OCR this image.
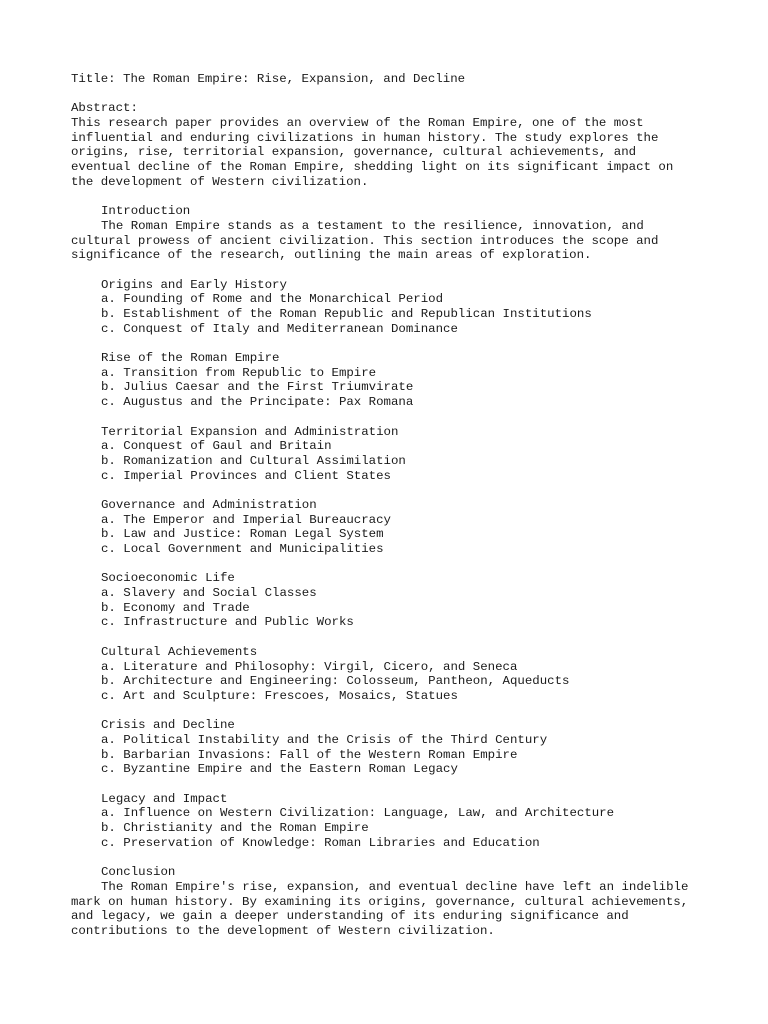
Title: The Roman Empire: Rise, Expansion, and Decline
Abstract:
This research paper provides an overview of the Roman Empire, one of the most
influential and enduring civilizations in human history. The study explores the
origins, rise, territorial expansion, governance, cultural achievements, and
eventual decline of the Roman Empire, shedding light on its significant impact on
the development of Western civilization.
Introduction
The Roman Empire stands as a testament to the resilience, innovation, and
cultural prowess of ancient civilization. This section introduces the scope and
significance of the research, outlining the main areas of exploration.
Origins and Early History
a. Founding of Rome and the Monarchical Period
b. Establishment of the Roman Republic and Republican Institutions
c. Conquest of Italy and Mediterranean Dominance
Rise of the Roman Empire
a. Transition from Republic to Empire
b. Julius Caesar and the First Triumvirate
c. Augustus and the Principate: Pax Romana
Territorial Expansion and Administration
a. Conquest of Gaul and Britain
b. Romanization and Cultural Assimilation
c. Imperial Provinces and Client States
Governance and Administration
a. The Emperor and Imperial Bureaucracy
b. Law and Justice: Roman Legal System
c. Local Government and Municipalities
Socioeconomic Life
a. Slavery and Social Classes
b. Economy and Trade
c. Infrastructure and Public Works
Cultural Achievements
a. Literature and Philosophy: Virgil, Cicero, and Seneca
b. Architecture and Engineering: Colosseum, Pantheon, Aqueducts
c. Art and Sculpture: Frescoes, Mosaics, Statues
Crisis and Decline
a. Political Instability and the Crisis of the Third Century
b. Barbarian Invasions: Fall of the Western Roman Empire
c. Byzantine Empire and the Eastern Roman Legacy
Legacy and Impact
a. Influence on Western Civilization: Language, Law, and Architecture
b. Christianity and the Roman Empire
c. Preservation of Knowledge: Roman Libraries and Education
Conclusion
The Roman Empire's rise, expansion, and eventual decline have left an indelible
mark on human history. By examining its origins, governance, cultural achievements,
and legacy, we gain a deeper understanding of its enduring significance and
contributions to the development of Western civilization.
